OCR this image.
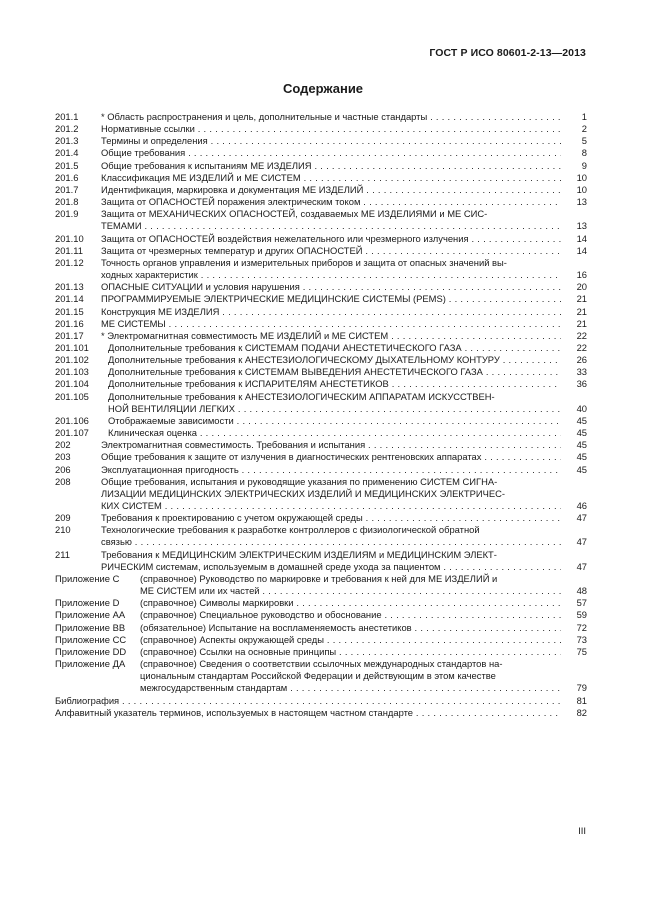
ГОСТ Р ИСО 80601-2-13—2013
Содержание
201.1 * Область распространения и цель, дополнительные и частные стандарты . . .	1
201.2 Нормативные ссылки . . .	2
201.3 Термины и определения . . .	5
201.4 Общие требования . . .	8
201.5 Общие требования к испытаниям МЕ ИЗДЕЛИЯ . . .	9
201.6 Классификация МЕ ИЗДЕЛИЙ и МЕ СИСТЕМ . . .	10
201.7 Идентификация, маркировка и документация МЕ ИЗДЕЛИЙ . . .	10
201.8 Защита от ОПАСНОСТЕЙ поражения электрическим током . . .	13
201.9 Защита от МЕХАНИЧЕСКИХ ОПАСНОСТЕЙ, создаваемых МЕ ИЗДЕЛИЯМИ и МЕ СИС-
ТЕМАМИ . . .	13
201.10 Защита от ОПАСНОСТЕЙ воздействия нежелательного или чрезмерного излучения . . .	14
201.11 Защита от чрезмерных температур и других ОПАСНОСТЕЙ . . .	14
201.12 Точность органов управления и измерительных приборов и защита от опасных значений вы-
ходных характеристик . . .	16
201.13 ОПАСНЫЕ СИТУАЦИИ и условия нарушения . . .	20
201.14 ПРОГРАММИРУЕМЫЕ ЭЛЕКТРИЧЕСКИЕ МЕДИЦИНСКИЕ СИСТЕМЫ (PEMS) . . .	21
201.15 Конструкция МЕ ИЗДЕЛИЯ . . .	21
201.16 МЕ СИСТЕМЫ . . .	21
201.17 * Электромагнитная совместимость МЕ ИЗДЕЛИЙ и МЕ СИСТЕМ . . .	22
201.101 Дополнительные требования к СИСТЕМАМ ПОДАЧИ АНЕСТЕТИЧЕСКОГО ГАЗА . . .	22
201.102 Дополнительные требования к АНЕСТЕЗИОЛОГИЧЕСКОМУ ДЫХАТЕЛЬНОМУ КОНТУРУ . . .	26
201.103 Дополнительные требования к СИСТЕМАМ ВЫВЕДЕНИЯ АНЕСТЕТИЧЕСКОГО ГАЗА . . .	33
201.104 Дополнительные требования к ИСПАРИТЕЛЯМ АНЕСТЕТИКОВ . . .	36
201.105 Дополнительные требования к АНЕСТЕЗИОЛОГИЧЕСКИМ АППАРАТАМ ИСКУССТВЕН-
НОЙ ВЕНТИЛЯЦИИ ЛЕГКИХ . . .	40
201.106 Отображаемые зависимости . . .	45
201.107 Клиническая оценка . . .	45
202	Электромагнитная совместимость. Требования и испытания . . .	45
203	Общие требования к защите от излучения в диагностических рентгеновских аппаратах . . .	45
206	Эксплуатационная пригодность . . .	45
208	Общие требования, испытания и руководящие указания по применению СИСТЕМ СИГНА-
ЛИЗАЦИИ МЕДИЦИНСКИХ ЭЛЕКТРИЧЕСКИХ ИЗДЕЛИЙ И МЕДИЦИНСКИХ ЭЛЕКТРИЧЕС-
КИХ СИСТЕМ . . .	46
209	Требования к проектированию с учетом окружающей среды . . .	47
210	Технологические требования к разработке контроллеров с физиологической обратной
связью . . .	47
211	Требования к МЕДИЦИНСКИМ ЭЛЕКТРИЧЕСКИМ ИЗДЕЛИЯМ и МЕДИЦИНСКИМ ЭЛЕКТ-
РИЧЕСКИМ системам, используемым в домашней среде ухода за пациентом . . .	47
Приложение С (справочное) Руководство по маркировке и требования к ней для МЕ ИЗДЕЛИЙ и
МЕ СИСТЕМ или их частей . . .	48
Приложение D (справочное) Символы маркировки . . .	57
Приложение АА (справочное) Специальное руководство и обоснование . . .	59
Приложение ВВ (обязательное) Испытание на воспламеняемость анестетиков . . .	72
Приложение СС (справочное) Аспекты окружающей среды . . .	73
Приложение DD (справочное) Ссылки на основные принципы . . .	75
Приложение ДА (справочное) Сведения о соответствии ссылочных международных стандартов на-
циональным стандартам Российской Федерации и действующим в этом качестве
межгосударственным стандартам . . .	79
Библиография . . .	81
Алфавитный указатель терминов, используемых в настоящем частном стандарте . . .	82
III
